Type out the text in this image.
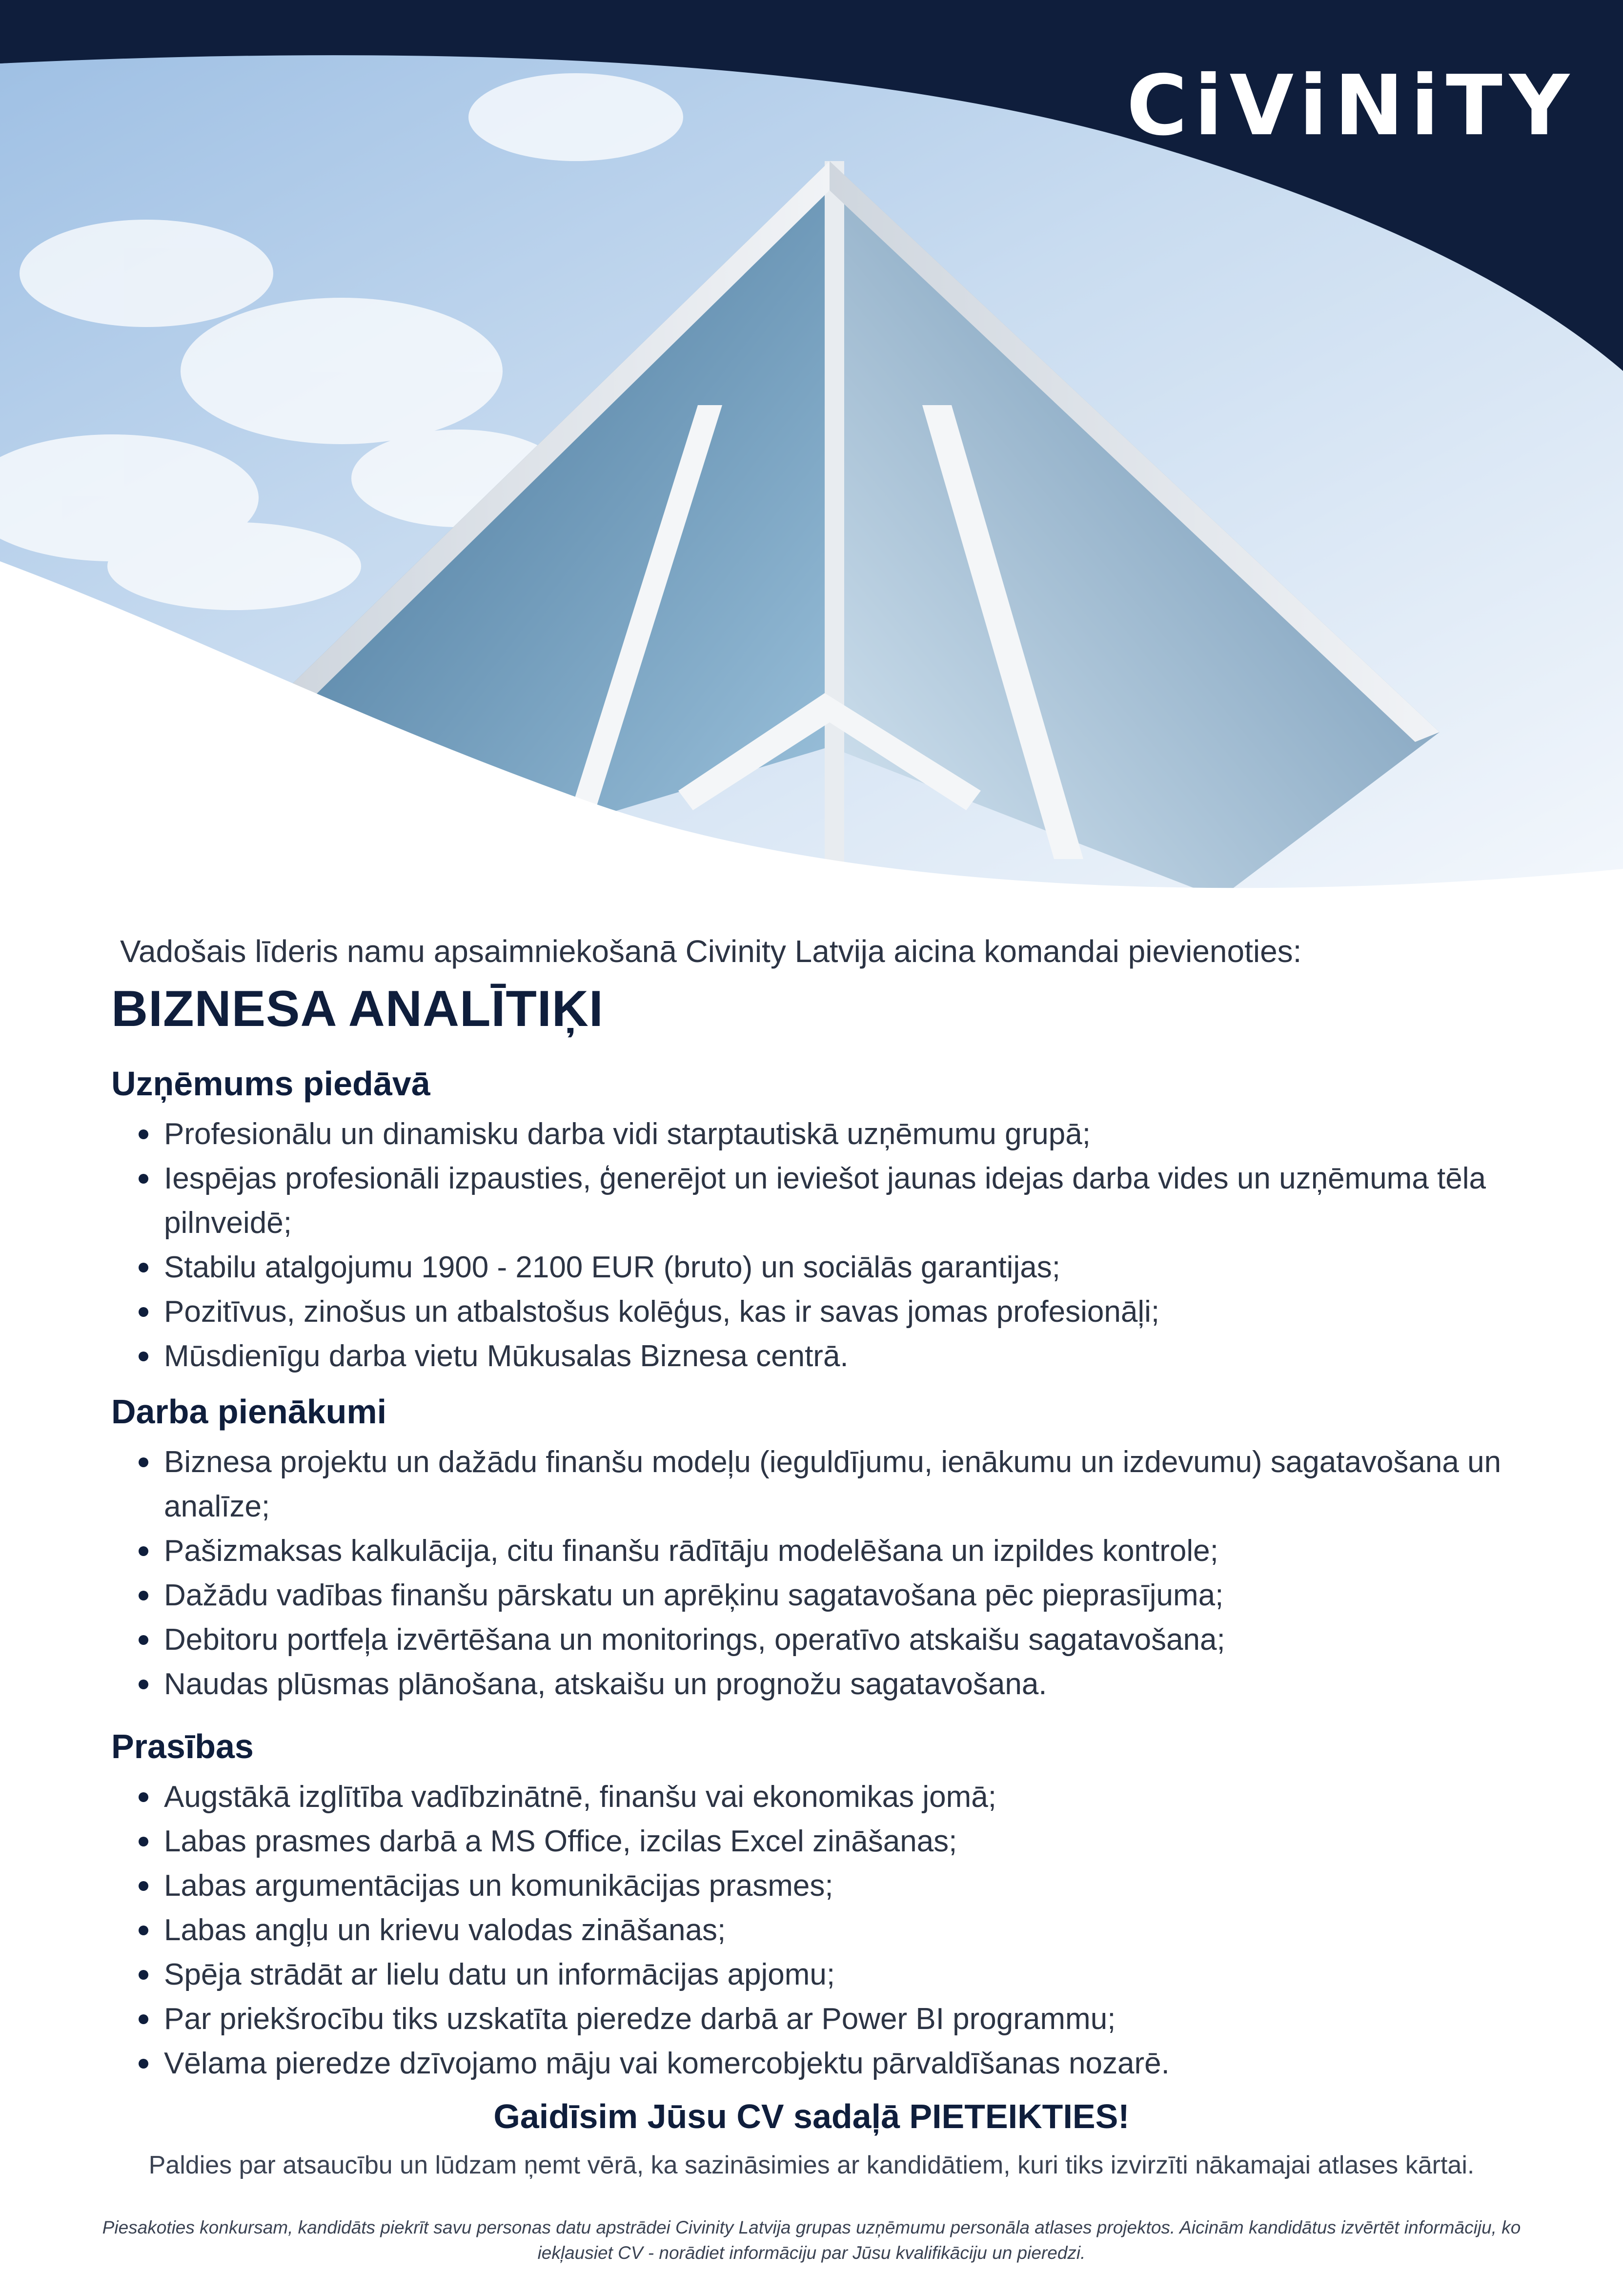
CiViNiTY
Vadošais līderis namu apsaimniekošanā Civinity Latvija aicina komandai pievienoties:
BIZNESA ANALĪTIĶI
Uzņēmums piedāvā
Profesionālu un dinamisku darba vidi starptautiskā uzņēmumu grupā;
Iespējas profesionāli izpausties, ģenerējot un ieviešot jaunas idejas darba vides un uzņēmuma tēla pilnveidē;
Stabilu atalgojumu 1900 - 2100 EUR (bruto) un sociālās garantijas;
Pozitīvus, zinošus un atbalstošus kolēģus, kas ir savas jomas profesionāļi;
Mūsdienīgu darba vietu Mūkusalas Biznesa centrā.
Darba pienākumi
Biznesa projektu un dažādu finanšu modeļu (ieguldījumu, ienākumu un izdevumu) sagatavošana un analīze;
Pašizmaksas kalkulācija, citu finanšu rādītāju modelēšana un izpildes kontrole;
Dažādu vadības finanšu pārskatu un aprēķinu sagatavošana pēc pieprasījuma;
Debitoru portfeļa izvērtēšana un monitorings, operatīvo atskaišu sagatavošana;
Naudas plūsmas plānošana, atskaišu un prognožu sagatavošana.
Prasības
Augstākā izglītība vadībzinātnē, finanšu vai ekonomikas jomā;
Labas prasmes darbā a MS Office, izcilas Excel zināšanas;
Labas argumentācijas un komunikācijas prasmes;
Labas angļu un krievu valodas zināšanas;
Spēja strādāt ar lielu datu un informācijas apjomu;
Par priekšrocību tiks uzskatīta pieredze darbā ar Power BI programmu;
Vēlama pieredze dzīvojamo māju vai komercobjektu pārvaldīšanas nozarē.
Gaidīsim Jūsu CV sadaļā PIETEIKTIES!
Paldies par atsaucību un lūdzam ņemt vērā, ka sazināsimies ar kandidātiem, kuri tiks izvirzīti nākamajai atlases kārtai.
Piesakoties konkursam, kandidāts piekrīt savu personas datu apstrādei Civinity Latvija grupas uzņēmumu personāla atlases projektos. Aicinām kandidātus izvērtēt informāciju, ko iekļausiet CV - norādiet informāciju par Jūsu kvalifikāciju un pieredzi.
